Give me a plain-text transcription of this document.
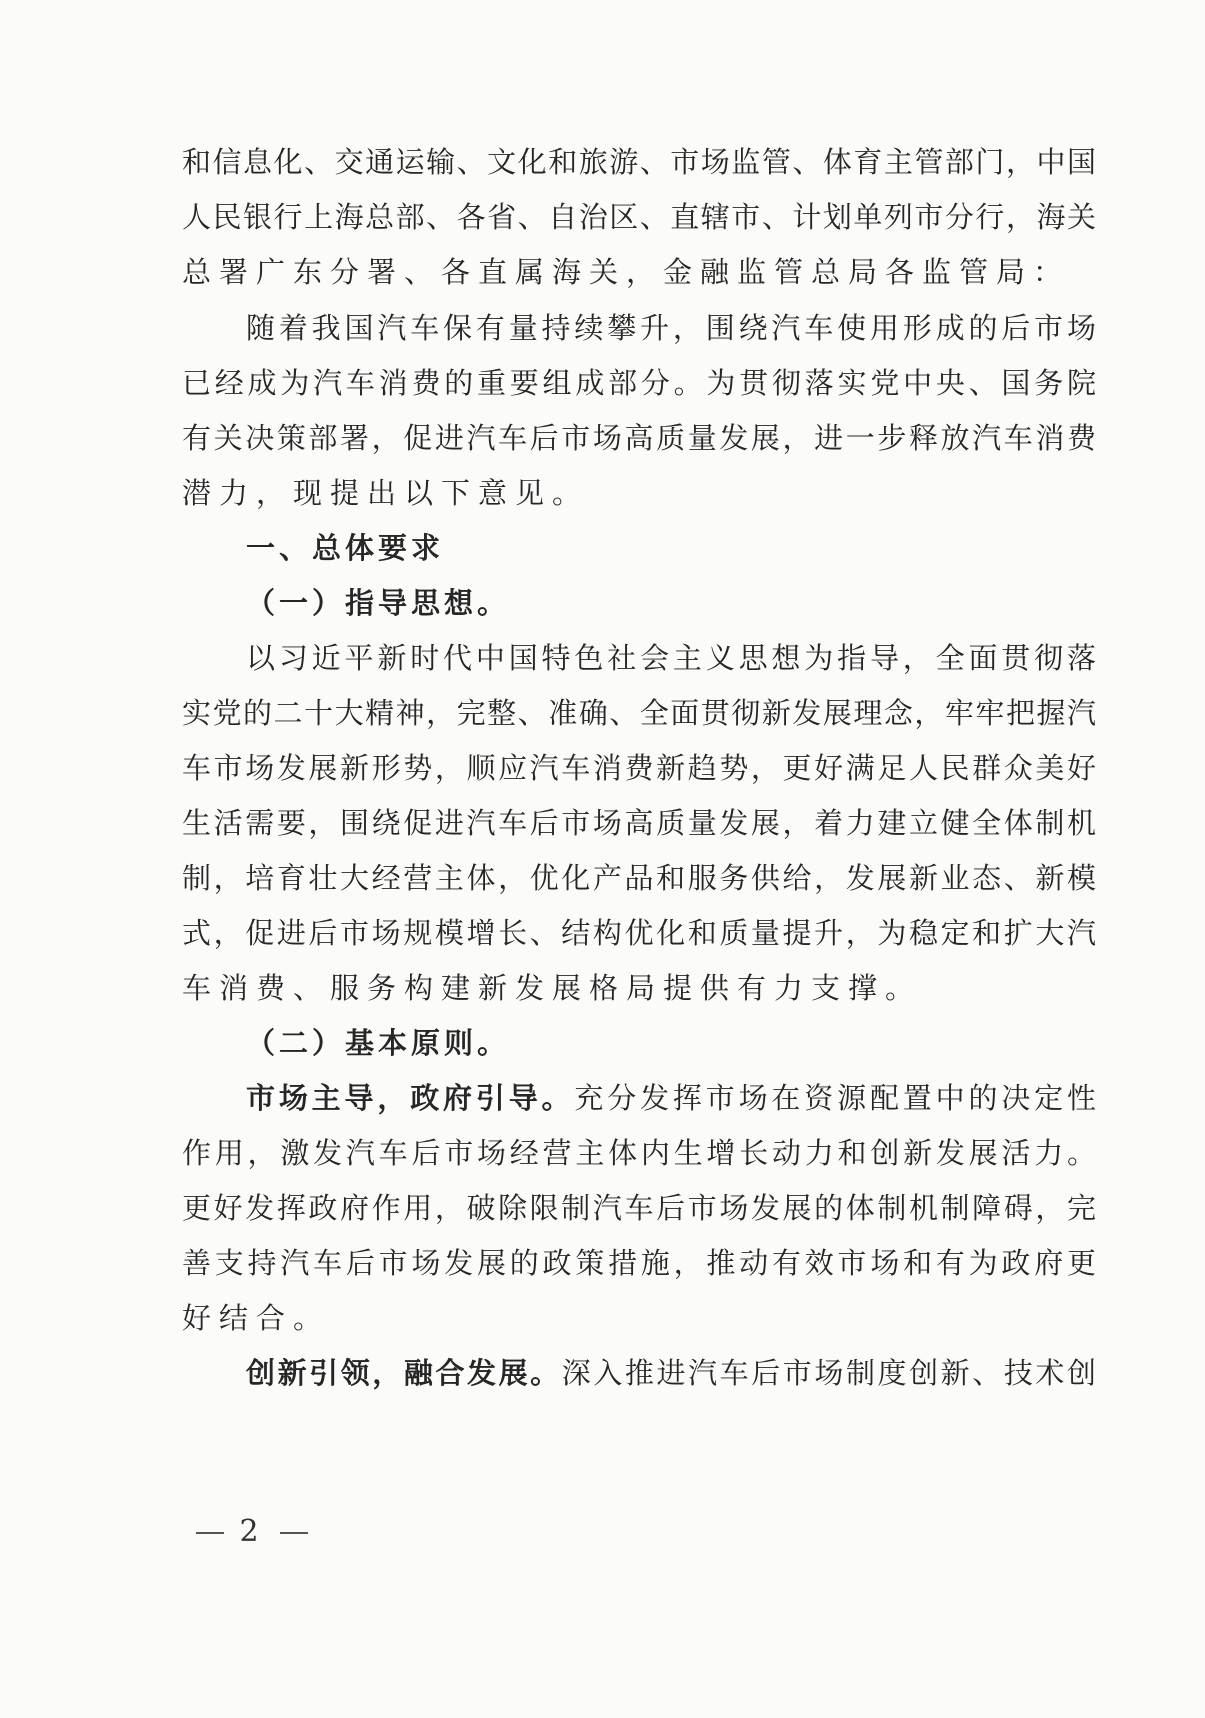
和信息化、交通运输、文化和旅游、市场监管、体育主管部门，中国
人民银行上海总部、各省、自治区、直辖市、计划单列市分行，海关
总署广东分署、各直属海关，金融监管总局各监管局：
随着我国汽车保有量持续攀升，围绕汽车使用形成的后市场
已经成为汽车消费的重要组成部分。为贯彻落实党中央、国务院
有关决策部署，促进汽车后市场高质量发展，进一步释放汽车消费
潜力，现提出以下意见。
一、总体要求
（一）指导思想。
以习近平新时代中国特色社会主义思想为指导，全面贯彻落
实党的二十大精神，完整、准确、全面贯彻新发展理念，牢牢把握汽
车市场发展新形势，顺应汽车消费新趋势，更好满足人民群众美好
生活需要，围绕促进汽车后市场高质量发展，着力建立健全体制机
制，培育壮大经营主体，优化产品和服务供给，发展新业态、新模
式，促进后市场规模增长、结构优化和质量提升，为稳定和扩大汽
车消费、服务构建新发展格局提供有力支撑。
（二）基本原则。
市场主导，政府引导。充分发挥市场在资源配置中的决定性
作用，激发汽车后市场经营主体内生增长动力和创新发展活力。
更好发挥政府作用，破除限制汽车后市场发展的体制机制障碍，完
善支持汽车后市场发展的政策措施，推动有效市场和有为政府更
好结合。
创新引领，融合发展。深入推进汽车后市场制度创新、技术创
2
